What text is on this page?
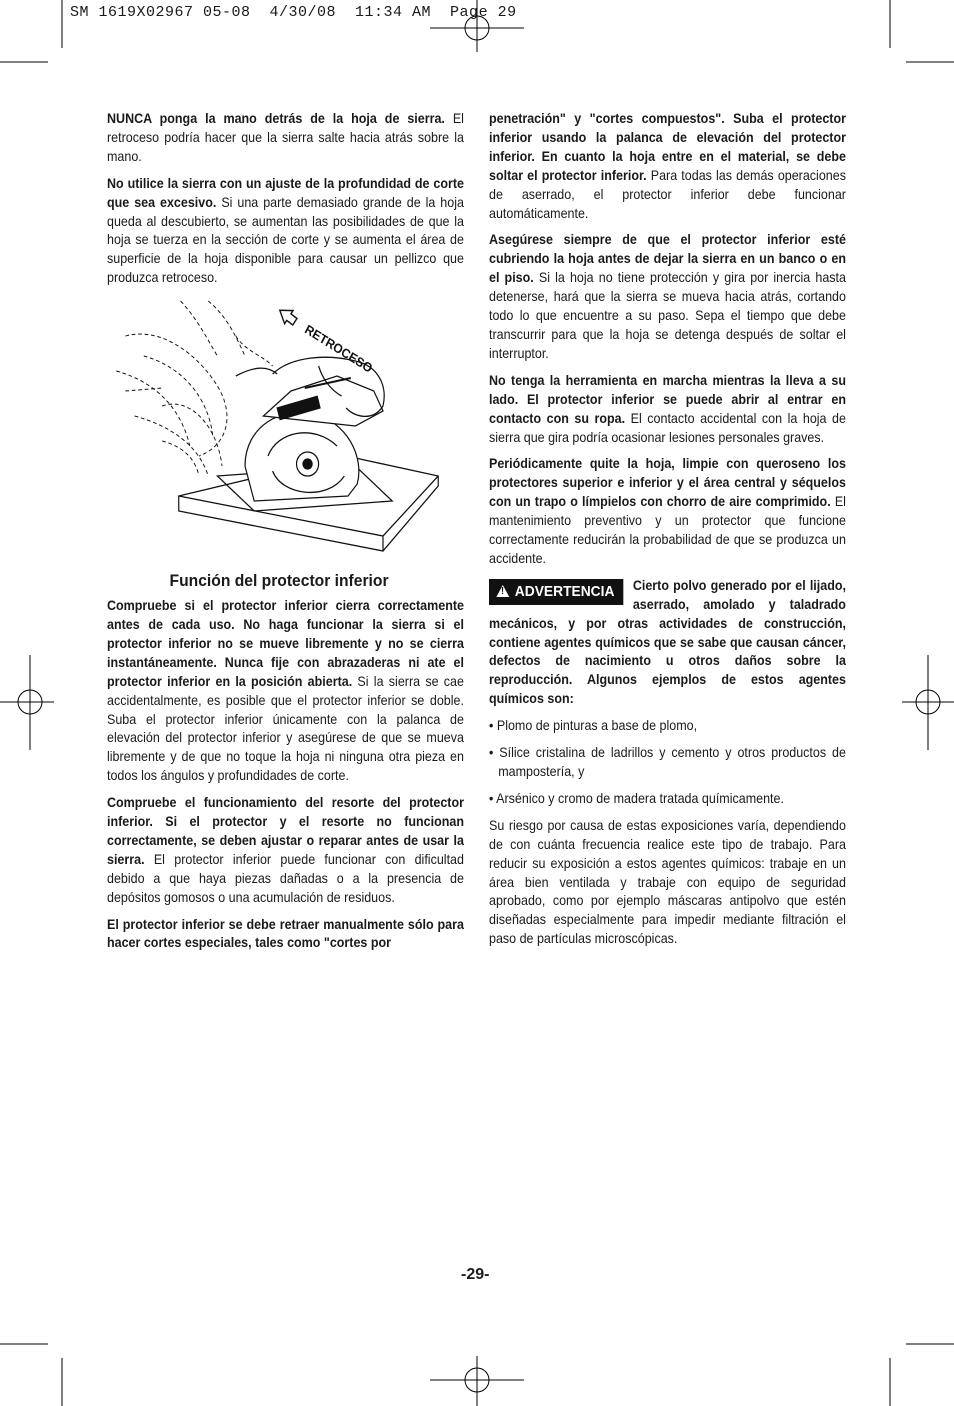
SM 1619X02967 05-08  4/30/08  11:34 AM  Page 29

NUNCA ponga la mano detrás de la hoja de sierra. El retroceso podría hacer que la sierra salte hacia atrás sobre la mano.

No utilice la sierra con un ajuste de la profundidad de corte que sea excesivo. Si una parte demasiado grande de la hoja queda al descubierto, se aumentan las posibilidades de que la hoja se tuerza en la sección de corte y se aumenta el área de superficie de la hoja disponible para causar un pellizco que produzca retroceso.

RETROCESO
Función del protector inferior

Compruebe si el protector inferior cierra correctamente antes de cada uso. No haga funcionar la sierra si el protector inferior no se mueve libremente y no se cierra instantáneamente. Nunca fije con abrazaderas ni ate el protector inferior en la posición abierta. Si la sierra se cae accidentalmente, es posible que el protector inferior se doble. Suba el protector inferior únicamente con la palanca de elevación del protector inferior y asegúrese de que se mueva libremente y de que no toque la hoja ni ninguna otra pieza en todos los ángulos y profundidades de corte.

Compruebe el funcionamiento del resorte del protector inferior. Si el protector y el resorte no funcionan correctamente, se deben ajustar o reparar antes de usar la sierra. El protector inferior puede funcionar con dificultad debido a que haya piezas dañadas o a la presencia de depósitos gomosos o una acumulación de residuos.

El protector inferior se debe retraer manualmente sólo para hacer cortes especiales, tales como "cortes por

penetración" y "cortes compuestos". Suba el protector inferior usando la palanca de elevación del protector inferior. En cuanto la hoja entre en el material, se debe soltar el protector inferior. Para todas las demás operaciones de aserrado, el protector inferior debe funcionar automáticamente.

Asegúrese siempre de que el protector inferior esté cubriendo la hoja antes de dejar la sierra en un banco o en el piso. Si la hoja no tiene protección y gira por inercia hasta detenerse, hará que la sierra se mueva hacia atrás, cortando todo lo que encuentre a su paso. Sepa el tiempo que debe transcurrir para que la hoja se detenga después de soltar el interruptor.

No tenga la herramienta en marcha mientras la lleva a su lado. El protector inferior se puede abrir al entrar en contacto con su ropa. El contacto accidental con la hoja de sierra que gira podría ocasionar lesiones personales graves.

Periódicamente quite la hoja, limpie con queroseno los protectores superior e inferior y el área central y séquelos con un trapo o límpielos con chorro de aire comprimido. El mantenimiento preventivo y un protector que funcione correctamente reducirán la probabilidad de que se produzca un accidente.

! ADVERTENCIA	Cierto polvo generado por el lijado, aserrado, amolado y taladrado mecánicos, y por otras actividades de construcción, contiene agentes químicos que se sabe que causan cáncer, defectos de nacimiento u otros daños sobre la reproducción. Algunos ejemplos de estos agentes químicos son:

• Plomo de pinturas a base de plomo,
• Sílice cristalina de ladrillos y cemento y otros productos de mampostería, y
• Arsénico y cromo de madera tratada químicamente.

Su riesgo por causa de estas exposiciones varía, dependiendo de con cuánta frecuencia realice este tipo de trabajo. Para reducir su exposición a estos agentes químicos: trabaje en un área bien ventilada y trabaje con equipo de seguridad aprobado, como por ejemplo máscaras antipolvo que estén diseñadas especialmente para impedir mediante filtración el paso de partículas microscópicas.

-29-
